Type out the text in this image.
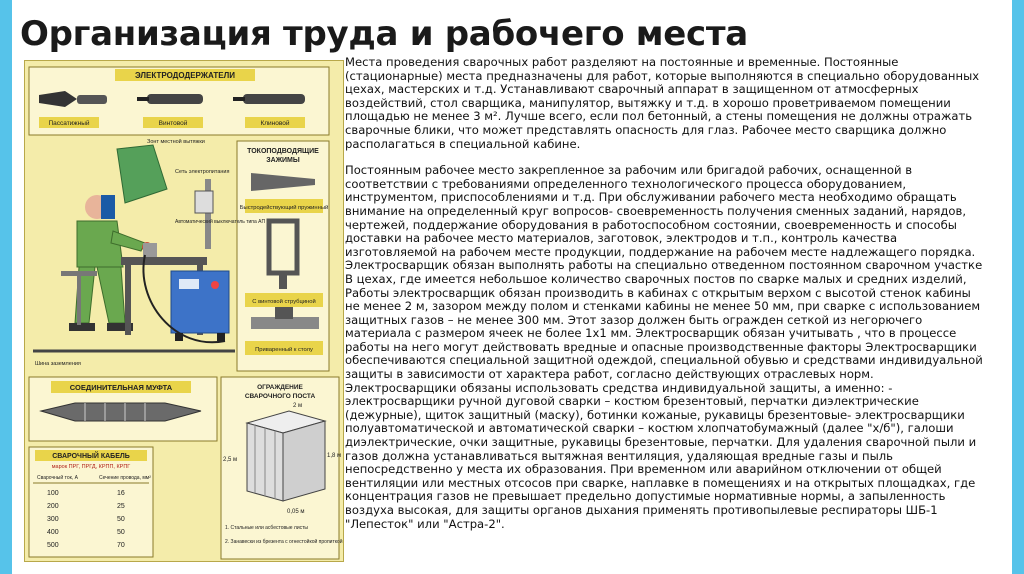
Организация труда и рабочего места
ЭЛЕКТРОДОДЕРЖАТЕЛИ
Пассатижный	Винтовой	Клиновой
ТОКОПОДВОДЯЩИЕ
ЗАЖИМЫ
Быстродействующий пружинный
С винтовой струбциной
Приваренный к столу
Зонт местной вытяжки
Сеть электропитания
Автоматический выключатель типа АП
Шина заземления
СОЕДИНИТЕЛЬНАЯ МУФТА
СВАРОЧНЫЙ КАБЕЛЬ
марок ПРГ, ПРГД, КРПП, КРПГ
Сварочный ток, А	Сечение провода, мм²
100	16
200	25
300	50
400	50
500	70
ОГРАЖДЕНИЕ
СВАРОЧНОГО ПОСТА
2,5 м
2 м
1,8 м
0,05 м
1. Стальные или асбестовые листы
2. Занавески из брезента с огнестойкой пропиткой

Места проведения сварочных работ разделяют на постоянные и временные. Постоянные (стационарные) места предназначены для работ, которые выполняются в специально оборудованных цехах, мастерских и т.д. Устанавливают сварочный аппарат в защищенном от атмосферных воздействий, стол сварщика, манипулятор, вытяжку и т.д. в хорошо проветриваемом помещении площадью не менее 3 м². Лучше всего, если пол бетонный, а стены помещения не должны отражать сварочные блики, что может представлять опасность для глаз. Рабочее место сварщика должно располагаться в специальной кабине.

Постоянным рабочее место закрепленное за рабочим или бригадой рабочих, оснащенной в соответствии с требованиями определенного технологического процесса оборудованием, инструментом, приспособлениями и т.д. При обслуживании рабочего места необходимо обращать внимание на определенный круг вопросов- своевременность получения сменных заданий, нарядов, чертежей, поддержание оборудования в работоспособном состоянии, своевременность и способы доставки на рабочее место материалов, заготовок, электродов и т.п., контроль качества изготовляемой на рабочем месте продукции, поддержание на рабочем месте надлежащего порядка. Электросварщик обязан выполнять работы на специально отведенном постоянном сварочном участке В цехах, где имеется небольшое количество сварочных постов по сварке малых и средних изделий, Работы электросварщик обязан производить в кабинах с открытым верхом с высотой стенок кабины не менее 2 м, зазором между полом и стенками кабины не менее 50 мм, при сварке с использованием защитных газов – не менее 300 мм. Этот зазор должен быть огражден сеткой из негорючего материала с размером ячеек не более 1х1 мм. Электросварщик обязан учитывать , что в процессе работы на него могут действовать вредные и опасные производственные факторы Электросварщики обеспечиваются специальной защитной одеждой, специальной обувью и средствами индивидуальной защиты в зависимости от характера работ, согласно действующих отраслевых норм. Электросварщики обязаны использовать средства индивидуальной защиты, а именно: - электросварщики ручной дуговой сварки – костюм брезентовый, перчатки диэлектрические (дежурные), щиток защитный (маску), ботинки кожаные, рукавицы брезентовые- электросварщики полуавтоматической и автоматической сварки – костюм хлопчатобумажный (далее "х/б"), галоши диэлектрические, очки защитные, рукавицы брезентовые, перчатки. Для удаления сварочной пыли и газов должна устанавливаться вытяжная вентиляция, удаляющая вредные газы и пыль непосредственно у места их образования. При временном или аварийном отключении от общей вентиляции или местных отсосов при сварке, наплавке в помещениях и на открытых площадках, где концентрация газов не превышает предельно допустимые нормативные нормы, а запыленность воздуха высокая, для защиты органов дыхания применять противопылевые респираторы ШБ-1 "Лепесток" или "Астра-2".
